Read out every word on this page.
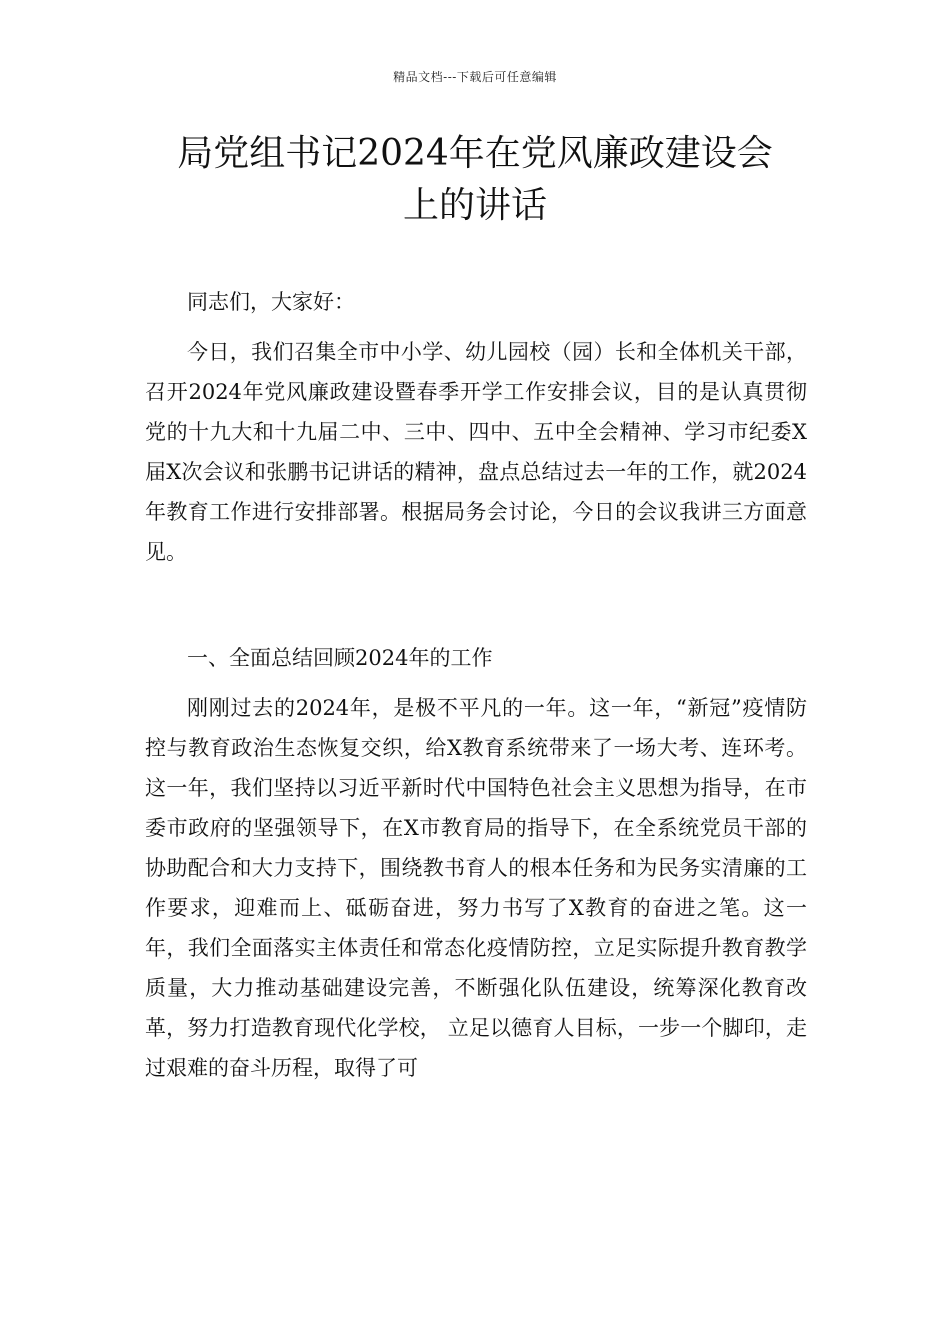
精品文档---下载后可任意编辑
局党组书记2024年在党风廉政建设会
上的讲话

同志们，大家好：

今日，我们召集全市中小学、幼儿园校（园）长和全体机关干部，召开2024年党风廉政建设暨春季开学工作安排会议，目的是认真贯彻党的十九大和十九届二中、三中、四中、五中全会精神、学习市纪委X届X次会议和张鹏书记讲话的精神，盘点总结过去一年的工作，就2024年教育工作进行安排部署。根据局务会讨论，今日的会议我讲三方面意见。

一、全面总结回顾2024年的工作

刚刚过去的2024年，是极不平凡的一年。这一年，“新冠”疫情防控与教育政治生态恢复交织，给X教育系统带来了一场大考、连环考。这一年，我们坚持以习近平新时代中国特色社会主义思想为指导，在市委市政府的坚强领导下，在X市教育局的指导下，在全系统党员干部的协助配合和大力支持下，围绕教书育人的根本任务和为民务实清廉的工作要求，迎难而上、砥砺奋进，努力书写了X教育的奋进之笔。这一年，我们全面落实主体责任和常态化疫情防控，立足实际提升教育教学质量，大力推动基础建设完善，不断强化队伍建设，统筹深化教育改革，努力打造教育现代化学校， 立足以德育人目标，一步一个脚印，走过艰难的奋斗历程，取得了可
